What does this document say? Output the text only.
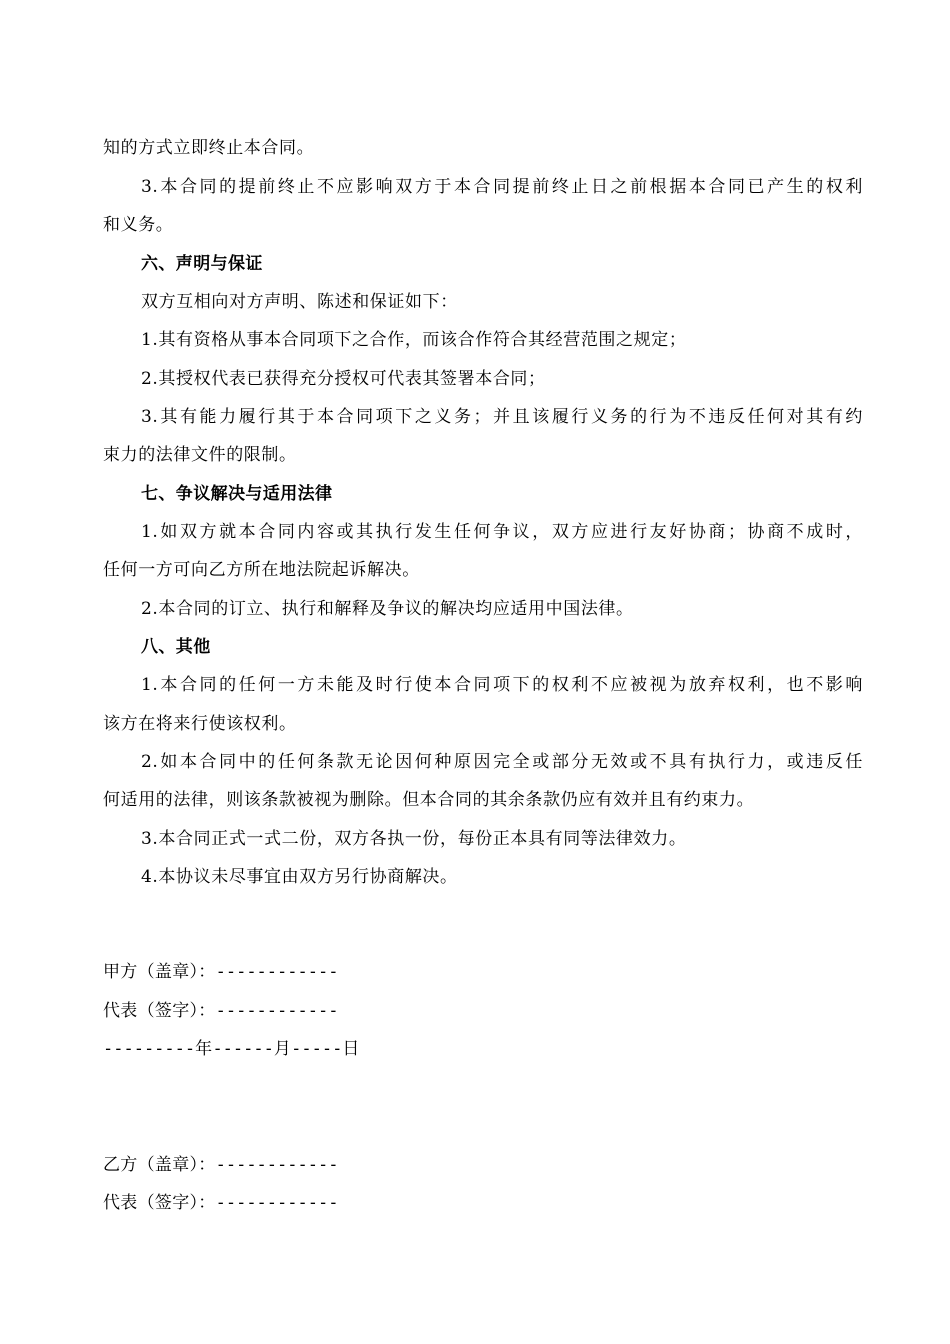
知的方式立即终止本合同。
3.本合同的提前终止不应影响双方于本合同提前终止日之前根据本合同已产生的权利
和义务。
六、声明与保证
双方互相向对方声明、陈述和保证如下：
1.其有资格从事本合同项下之合作，而该合作符合其经营范围之规定；
2.其授权代表已获得充分授权可代表其签署本合同；
3.其有能力履行其于本合同项下之义务；并且该履行义务的行为不违反任何对其有约
束力的法律文件的限制。
七、争议解决与适用法律
1.如双方就本合同内容或其执行发生任何争议，双方应进行友好协商；协商不成时，
任何一方可向乙方所在地法院起诉解决。
2.本合同的订立、执行和解释及争议的解决均应适用中国法律。
八、其他
1.本合同的任何一方未能及时行使本合同项下的权利不应被视为放弃权利，也不影响
该方在将来行使该权利。
2.如本合同中的任何条款无论因何种原因完全或部分无效或不具有执行力，或违反任
何适用的法律，则该条款被视为删除。但本合同的其余条款仍应有效并且有约束力。
3.本合同正式一式二份，双方各执一份，每份正本具有同等法律效力。
4.本协议未尽事宜由双方另行协商解决。
甲方（盖章）：------------
代表（签字）：------------
---------年------月-----日
乙方（盖章）：------------
代表（签字）：------------
